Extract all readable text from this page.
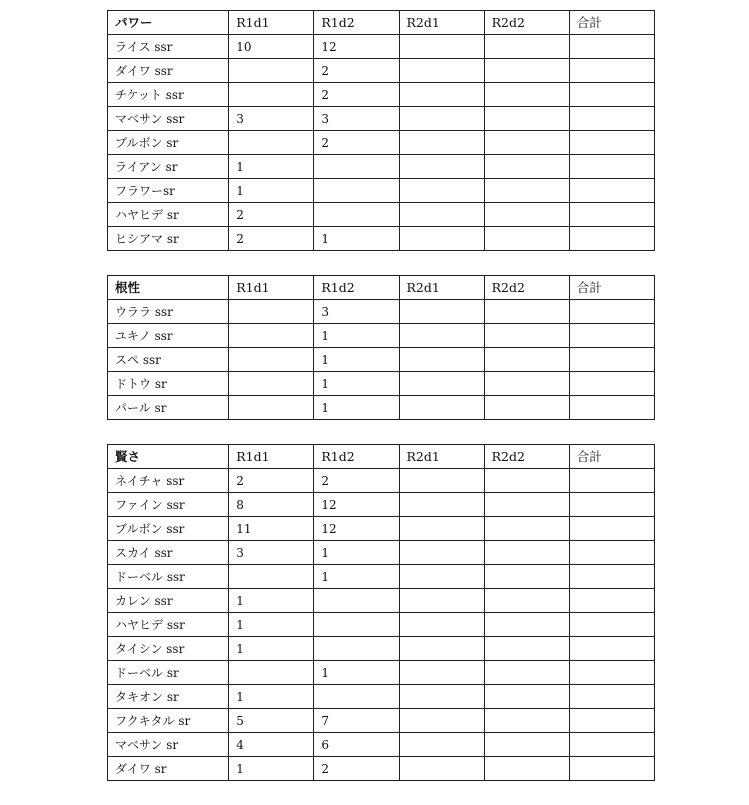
パワー	R1d1	R1d2	R2d1	R2d2	合計
ライス ssr	10	12			
ダイワ ssr		2			
チケット ssr		2			
マベサン ssr	3	3			
ブルボン sr		2			
ライアン sr	1				
フラワーsr	1				
ハヤヒデ sr	2				
ヒシアマ sr	2	1			
根性	R1d1	R1d2	R2d1	R2d2	合計
ウララ ssr		3			
ユキノ ssr		1			
スペ ssr		1			
ドトウ sr		1			
パール sr		1			
賢さ	R1d1	R1d2	R2d1	R2d2	合計
ネイチャ ssr	2	2			
ファイン ssr	8	12			
ブルボン ssr	11	12			
スカイ ssr	3	1			
ドーベル ssr		1			
カレン ssr	1				
ハヤヒデ ssr	1				
タイシン ssr	1				
ドーベル sr		1			
タキオン sr	1				
フクキタル sr	5	7			
マベサン sr	4	6			
ダイワ sr	1	2			
